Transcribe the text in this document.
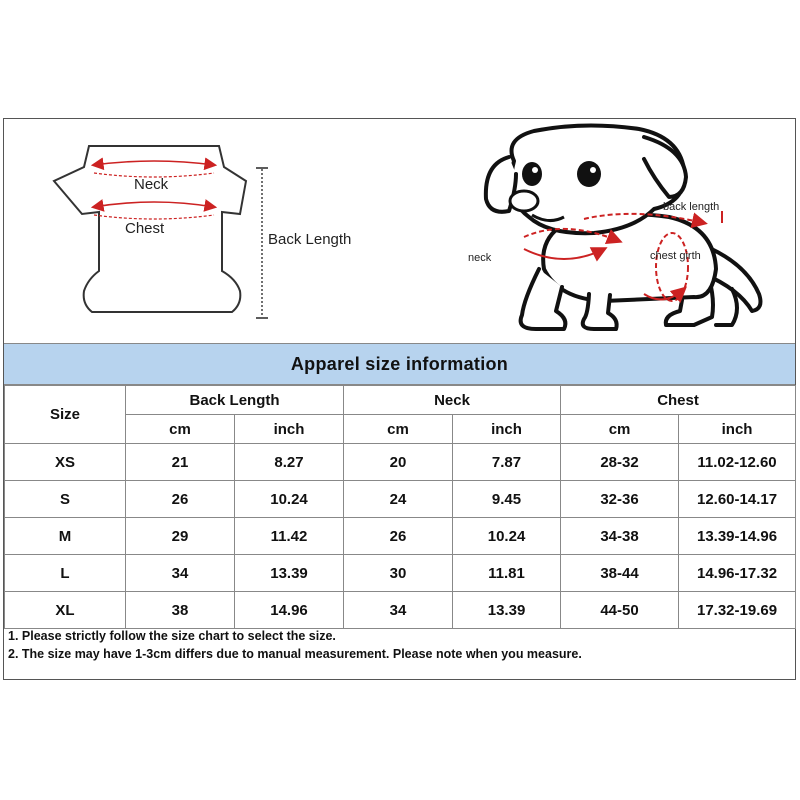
Neck
Chest
Back Length
back length
neck	chest girth
Apparel size information
Size	Back Length		Neck		Chest	
	cm	inch	cm	inch	cm	inch
XS	21	8.27	20	7.87	28-32	11.02-12.60
S	26	10.24	24	9.45	32-36	12.60-14.17
M	29	11.42	26	10.24	34-38	13.39-14.96
L	34	13.39	30	11.81	38-44	14.96-17.32
XL	38	14.96	34	13.39	44-50	17.32-19.69
1. Please strictly follow the size chart to select the size.
2. The size may have 1-3cm differs due to manual measurement. Please note when you measure.
